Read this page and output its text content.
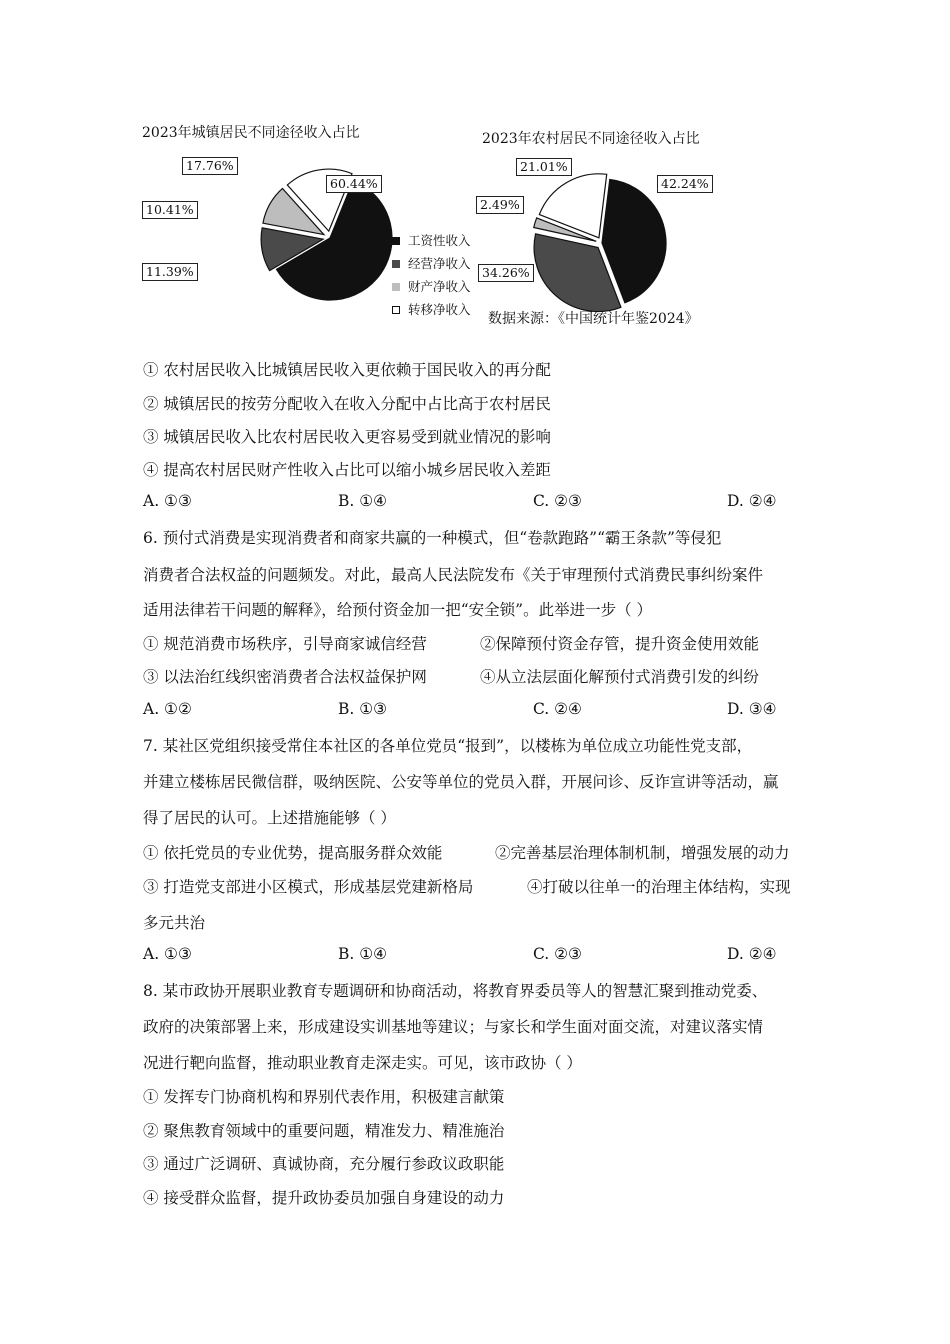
2023年城镇居民不同途径收入占比	2023年农村居民不同途径收入占比
60.44%
11.39%
10.41%
17.76%
42.24%
34.26%
2.49%
21.01%
工资性收入
经营净收入
财产净收入
转移净收入
数据来源：《中国统计年鉴2024》
① 农村居民收入比城镇居民收入更依赖于国民收入的再分配
② 城镇居民的按劳分配收入在收入分配中占比高于农村居民
③ 城镇居民收入比农村居民收入更容易受到就业情况的影响
④ 提高农村居民财产性收入占比可以缩小城乡居民收入差距
A. ①③	B. ①④	C. ②③	D. ②④
6. 预付式消费是实现消费者和商家共赢的一种模式，但“卷款跑路”“霸王条款”等侵犯
消费者合法权益的问题频发。对此，最高人民法院发布《关于审理预付式消费民事纠纷案件
适用法律若干问题的解释》，给预付资金加一把“安全锁”。此举进一步（ ）
① 规范消费市场秩序，引导商家诚信经营	②保障预付资金存管，提升资金使用效能
③ 以法治红线织密消费者合法权益保护网	④从立法层面化解预付式消费引发的纠纷
A. ①②	B. ①③	C. ②④	D. ③④
7. 某社区党组织接受常住本社区的各单位党员“报到”，以楼栋为单位成立功能性党支部，
并建立楼栋居民微信群，吸纳医院、公安等单位的党员入群，开展问诊、反诈宣讲等活动，赢
得了居民的认可。上述措施能够（ ）
① 依托党员的专业优势，提高服务群众效能	②完善基层治理体制机制，增强发展的动力
③ 打造党支部进小区模式，形成基层党建新格局	④打破以往单一的治理主体结构，实现
多元共治
A. ①③	B. ①④	C. ②③	D. ②④
8. 某市政协开展职业教育专题调研和协商活动，将教育界委员等人的智慧汇聚到推动党委、
政府的决策部署上来，形成建设实训基地等建议；与家长和学生面对面交流，对建议落实情
况进行靶向监督，推动职业教育走深走实。可见，该市政协（ ）
① 发挥专门协商机构和界别代表作用，积极建言献策
② 聚焦教育领域中的重要问题，精准发力、精准施治
③ 通过广泛调研、真诚协商，充分履行参政议政职能
④ 接受群众监督，提升政协委员加强自身建设的动力
